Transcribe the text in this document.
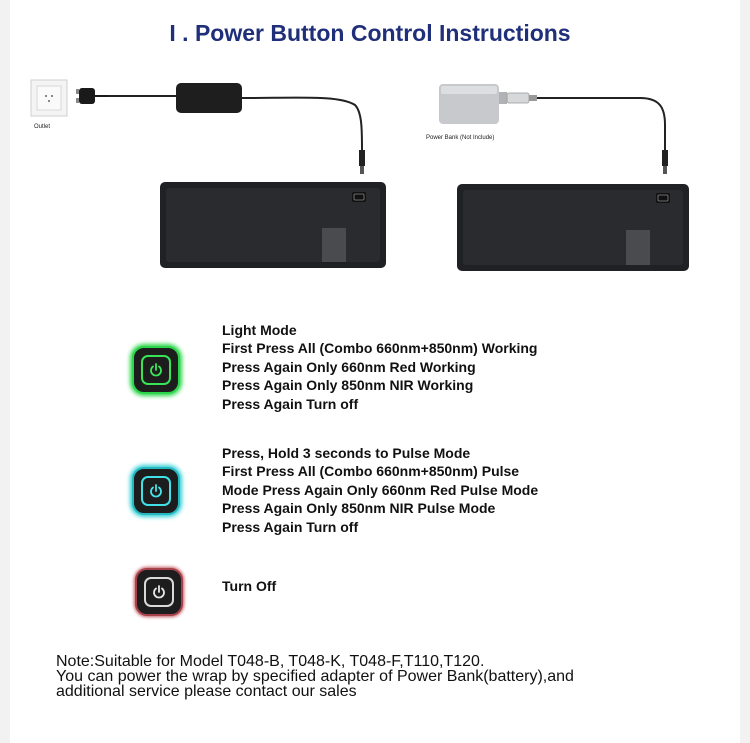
I . Power Button Control Instructions
Outlet
Power Bank (Not Include)
Light Mode
First Press All (Combo 660nm+850nm) Working
Press Again Only 660nm Red Working
Press Again Only 850nm NIR Working
Press Again Turn off
Press, Hold 3 seconds to Pulse Mode
First Press All (Combo 660nm+850nm) Pulse
Mode Press Again Only 660nm Red Pulse Mode
Press Again Only 850nm NIR Pulse Mode
Press Again Turn off
Turn Off
Note:Suitable for Model T048-B, T048-K, T048-F,T110,T120.
You can power the wrap by specified adapter of Power Bank(battery),and
additional service please contact our sales
